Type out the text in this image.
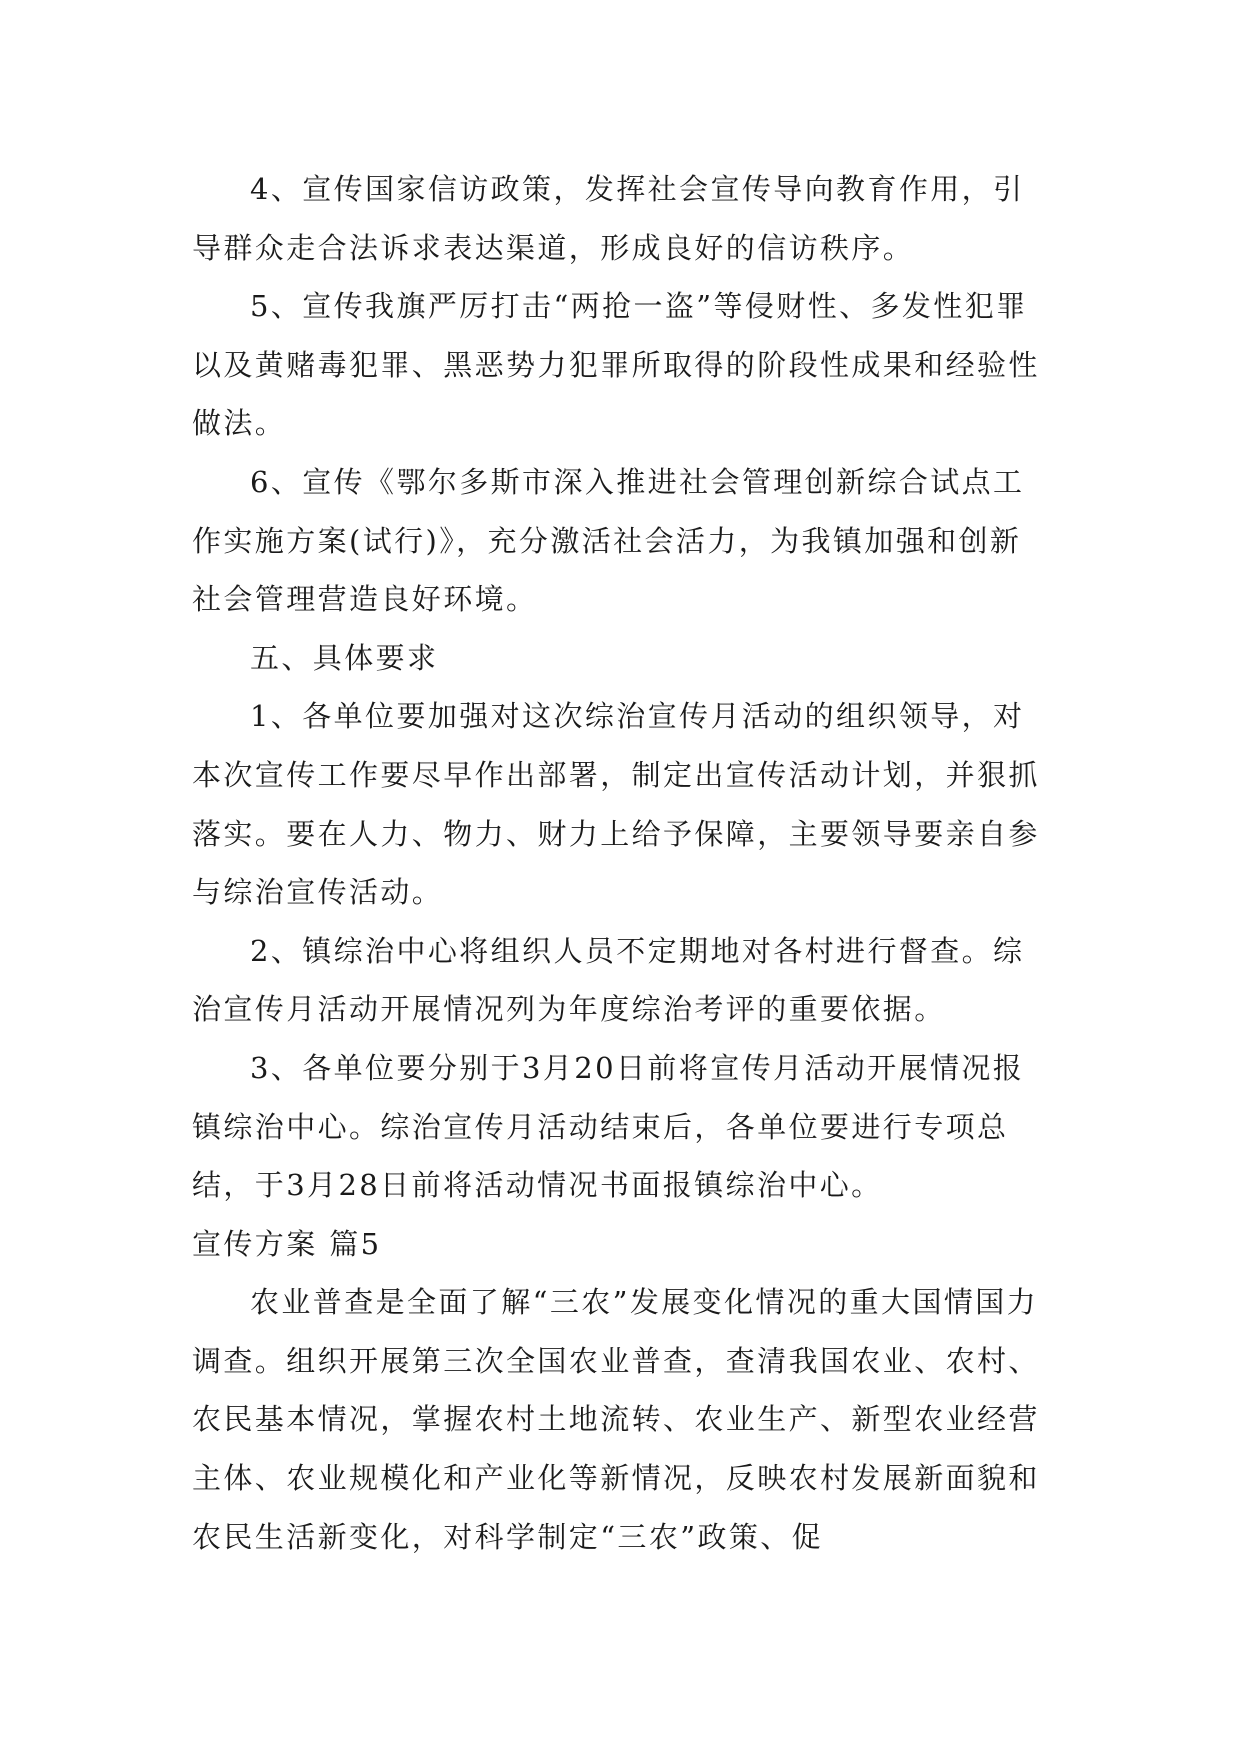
4、宣传国家信访政策，发挥社会宣传导向教育作用，引导群众走合法诉求表达渠道，形成良好的信访秩序。

5、宣传我旗严厉打击“两抢一盗”等侵财性、多发性犯罪以及黄赌毒犯罪、黑恶势力犯罪所取得的阶段性成果和经验性做法。

6、宣传《鄂尔多斯市深入推进社会管理创新综合试点工作实施方案(试行)》，充分激活社会活力，为我镇加强和创新社会管理营造良好环境。

五、具体要求

1、各单位要加强对这次综治宣传月活动的组织领导，对本次宣传工作要尽早作出部署，制定出宣传活动计划，并狠抓落实。要在人力、物力、财力上给予保障，主要领导要亲自参与综治宣传活动。

2、镇综治中心将组织人员不定期地对各村进行督查。综治宣传月活动开展情况列为年度综治考评的重要依据。

3、各单位要分别于3月20日前将宣传月活动开展情况报镇综治中心。综治宣传月活动结束后，各单位要进行专项总结，于3月28日前将活动情况书面报镇综治中心。

宣传方案 篇5

农业普查是全面了解“三农”发展变化情况的重大国情国力调查。组织开展第三次全国农业普查，查清我国农业、农村、农民基本情况，掌握农村土地流转、农业生产、新型农业经营主体、农业规模化和产业化等新情况，反映农村发展新面貌和农民生活新变化，对科学制定“三农”政策、促
